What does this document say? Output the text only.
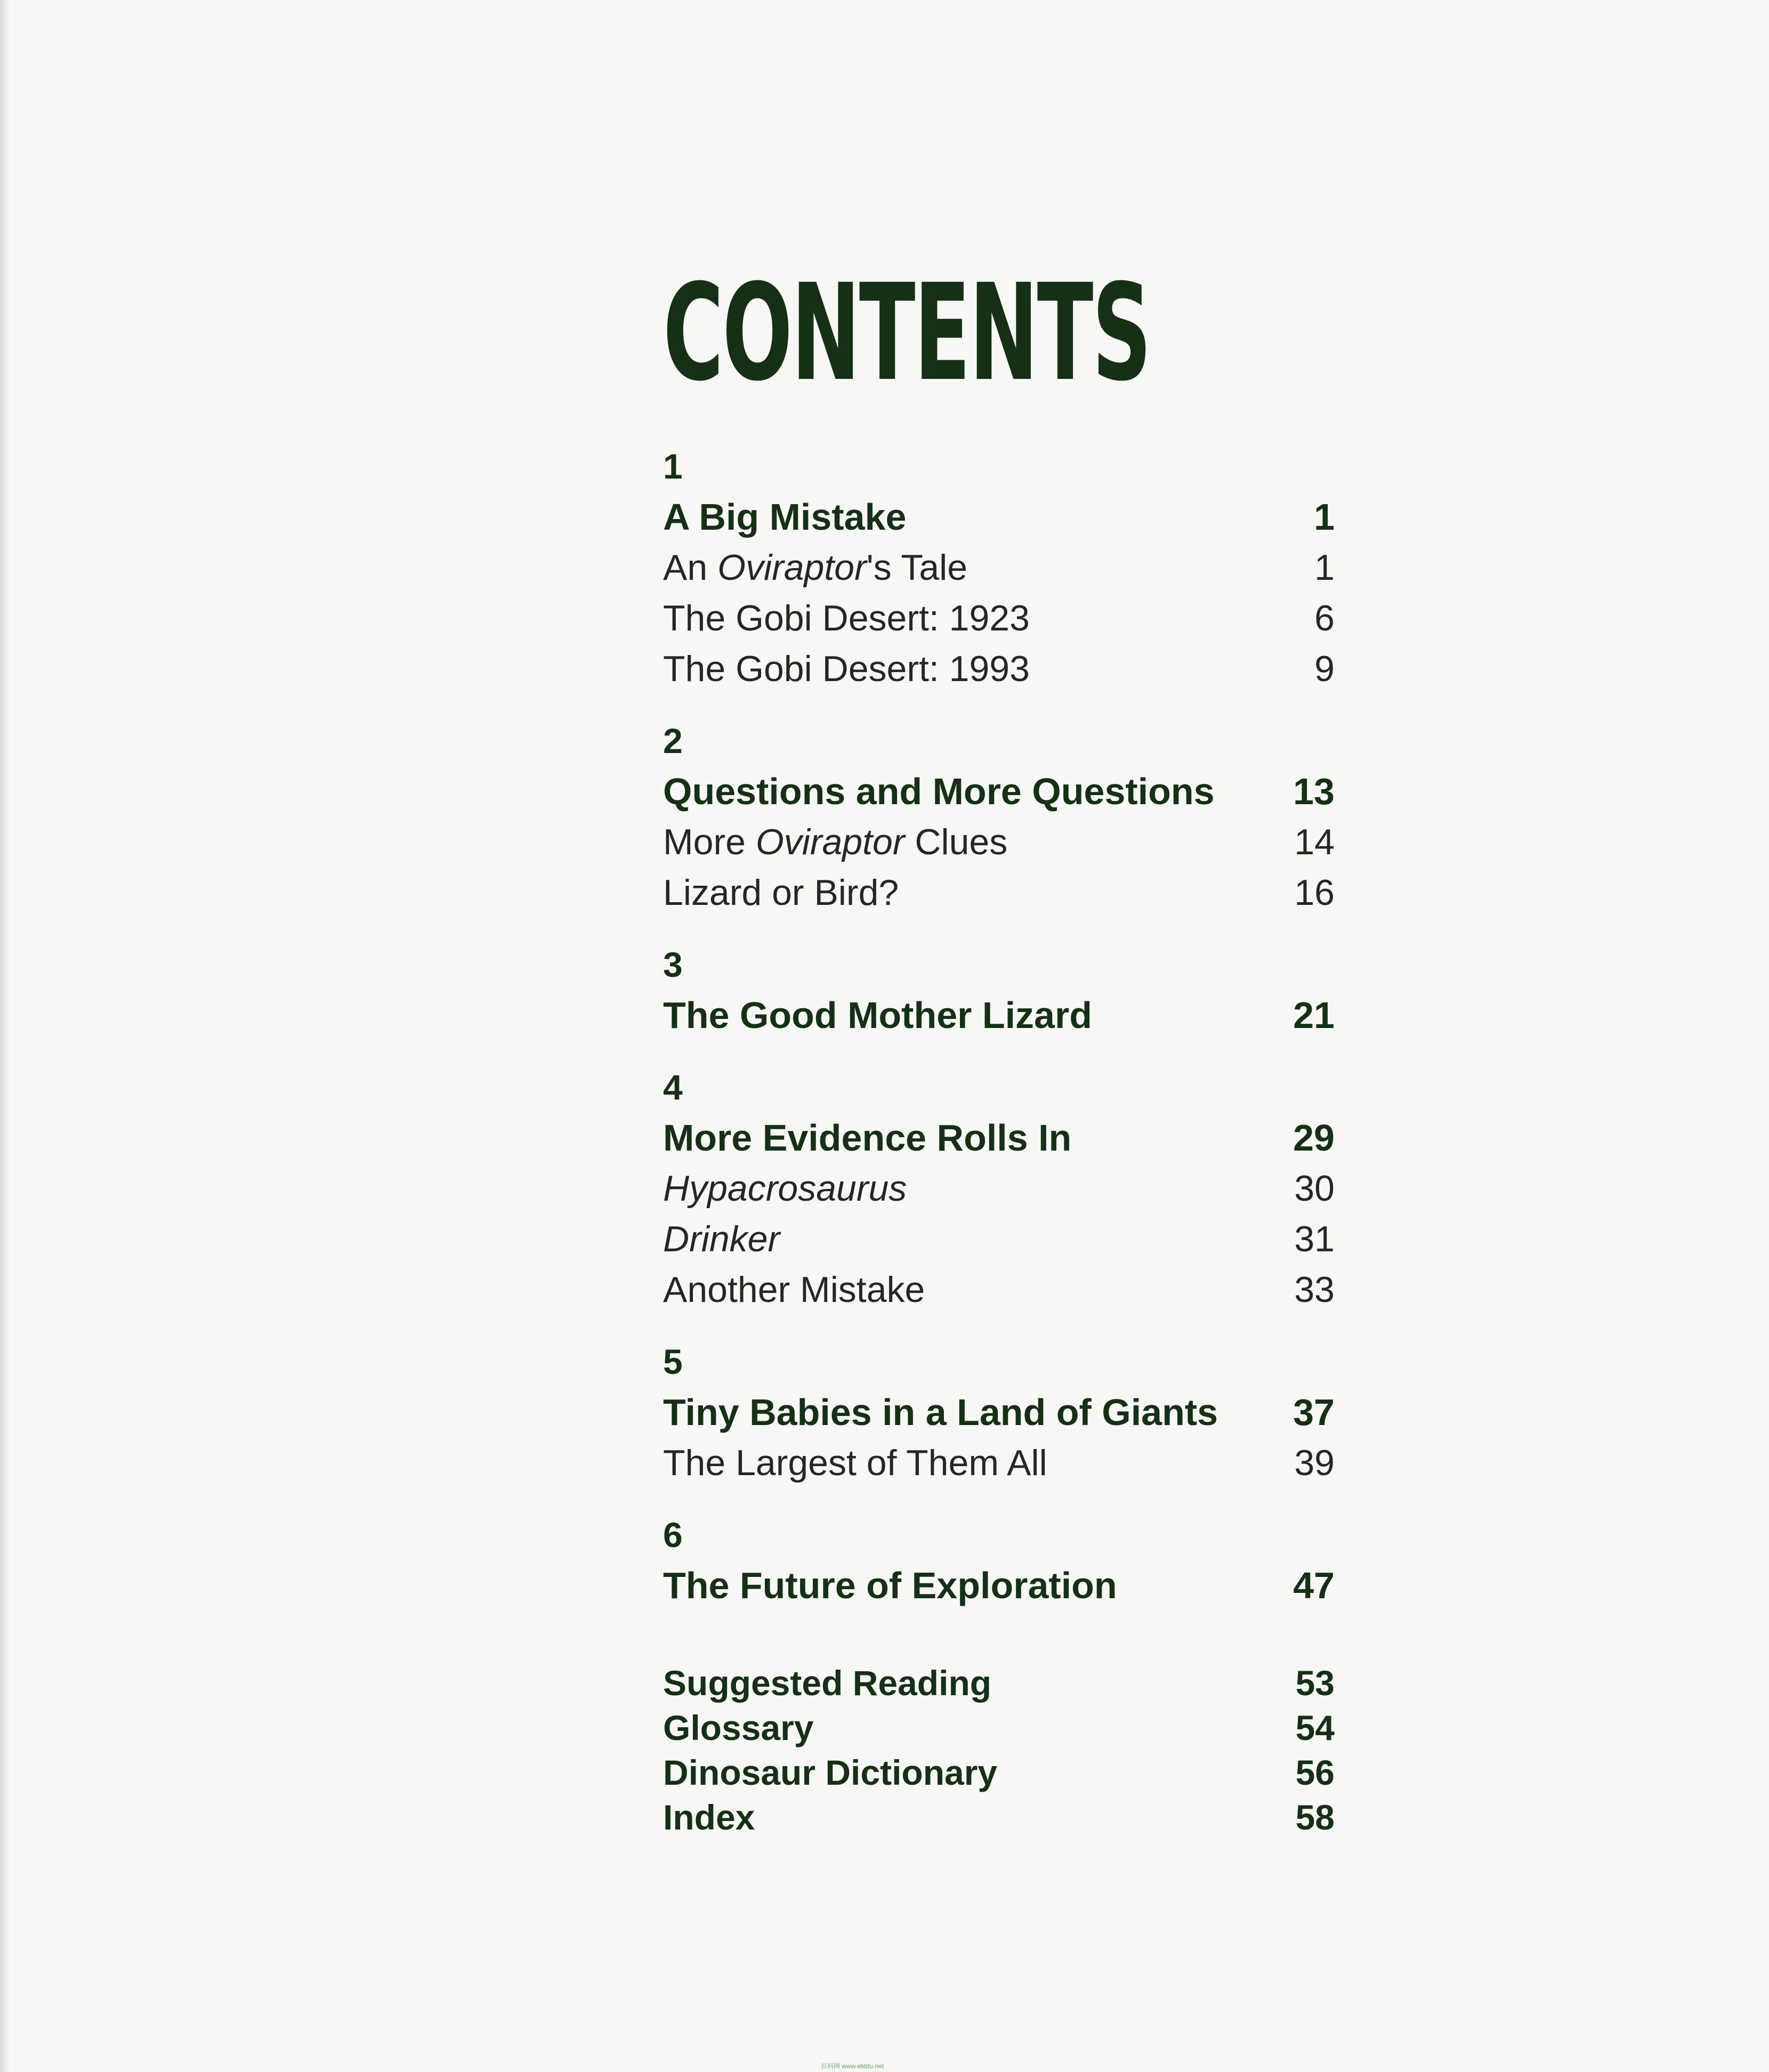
CONTENTS
1
A Big Mistake	1
An Oviraptor's Tale	1
The Gobi Desert: 1923	6
The Gobi Desert: 1993	9
2
Questions and More Questions 13
More Oviraptor Clues	14
Lizard or Bird?	16
3
The Good Mother Lizard	21
4
More Evidence Rolls In	29
Hypacrosaurus	30
Drinker	31
Another Mistake	33
5
Tiny Babies in a Land of Giants 37
The Largest of Them All	39
6
The Future of Exploration	47
Suggested Reading	53
Glossary	54
Dinosaur Dictionary	56
Index	58
百科网 www.ebbtu.net
